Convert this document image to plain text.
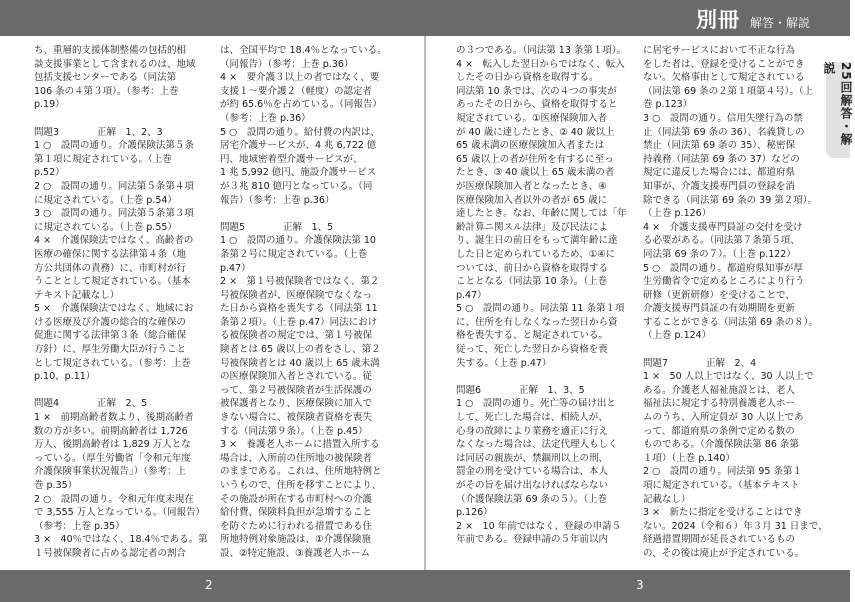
別冊 解答・解説
25回解答・解説

ち、重層的支援体制整備の包括的相

談支援事業として含まれるのは、地域

包括支援センターである（同法第

106 条の４第３項）。（参考：上巻

p.19）

問題3　　　　正解　1、2、3

1 ○　設問の通り。介護保険法第５条

第１項に規定されている。（上巻

p.52）

2 ○　設問の通り。同法第５条第４項

に規定されている。（上巻 p.54）

3 ○　設問の通り。同法第５条第３項

に規定されている。（上巻 p.55）

4 ×　介護保険法ではなく、高齢者の

医療の確保に関する法律第４条（地

方公共団体の責務）に、市町村が行

うこととして規定されている。（基本

テキスト記載なし）

5 ×　介護保険法ではなく、地域にお

ける医療及び介護の総合的な確保の

促進に関する法律第３条（総合確保

方針）に、厚生労働大臣が行うこと

として規定されている。（参考：上巻

p.10、p.11）

問題4　　　　正解　2、5

1 ×　前期高齢者数より、後期高齢者

数の方が多い。前期高齢者は 1,726

万人、後期高齢者は 1,829 万人とな

っている。（厚生労働省「令和元年度

介護保険事業状況報告」）（参考：上

巻 p.35）

2 ○　設問の通り。令和元年度末現在

で 3,555 万人となっている。（同報告）

（参考：上巻 p.35）

3 ×　40％ではなく、18.4％である。第

１号被保険者に占める認定者の割合

は、全国平均で 18.4％となっている。

（同報告）（参考：上巻 p.36）

4 ×　要介護３以上の者ではなく、要

支援１〜要介護２（軽度）の認定者

が約 65.6％を占めている。（同報告）

（参考：上巻 p.36）

5 ○　設問の通り。給付費の内訳は、

居宅介護サービスが、4 兆 6,722 億

円、地域密着型介護サービスが、

1 兆 5,992 億円、施設介護サービス

が３兆 810 億円となっている。（同

報告）（参考：上巻 p.36）

問題5　　　　正解　1、5

1 ○　設問の通り。介護保険法第 10

条第２号に規定されている。（上巻

p.47）

2 ×　第１号被保険者ではなく、第２

号被保険者が、医療保険でなくなっ

た日から資格を喪失する（同法第 11

条第２項）。（上巻 p.47）同法におけ

る被保険者の規定では、第１号被保

険者とは 65 歳以上の者をさし、第２

号被保険者とは 40 歳以上 65 歳未満

の医療保険加入者とされている。従

って、第２号被保険者が生活保護の

被保護者となり、医療保険に加入で

きない場合に、被保険者資格を喪失

する（同法第９条）。（上巻 p.45）

3 ×　養護老人ホームに措置入所する

場合は、入所前の住所地の被保険者

のままである。これは、住所地特例と

いうもので、住所を移すことにより、

その施設が所在する市町村への介護

給付費、保険料負担が急増すること

を防ぐために行われる措置である住

所地特例対象施設は、①介護保険施

設、②特定施設、③養護老人ホーム

の３つである。（同法第 13 条第１項）。

4 ×　転入した翌日からではなく、転入

したその日から資格を取得する。

同法第 10 条では、次の４つの事実が

あったその日から、資格を取得すると

規定されている。①医療保険加入者

が 40 歳に達したとき、② 40 歳以上

65 歳未満の医療保険加入者または

65 歳以上の者が住所を有するに至っ

たとき、③ 40 歳以上 65 歳未満の者

が医療保険加入者となったとき、④

医療保険加入者以外の者が 65 歳に

達したとき。なお、年齢に関しては「年

齢計算ニ関スル法律」及び民法によ

り、誕生日の前日をもって満年齢に達

した日と定められているため、①④に

ついては、前日から資格を取得する

こととなる（同法第 10 条）。（上巻

p.47）

5 ○　設問の通り。同法第 11 条第１項

に、住所を有しなくなった翌日から資

格を喪失する、と規定されている。

従って、死亡した翌日から資格を喪

失する。（上巻 p.47）

問題6　　　　正解　1、3、5

1 ○　設問の通り。死亡等の届け出と

して、死亡した場合は、相続人が、

心身の故障により業務を適正に行え

なくなった場合は、法定代理人もしく

は同居の親族が、禁錮刑以上の刑、

罰金の刑を受けている場合は、本人

がその旨を届け出なければならない

（介護保険法第 69 条の５）。（上巻

p.126）

2 ×　10 年前ではなく、登録の申請５

年前である。登録申請の５年前以内

に居宅サービスにおいて不正な行為

をした者は、登録を受けることができ

ない。欠格事由として規定されている

（同法第 69 条の２第１項第４号）。（上

巻 p.123）

3 ○　設問の通り。信用失墜行為の禁

止（同法第 69 条の 36）、名義貸しの

禁止（同法第 69 条の 35）、秘密保

持義務（同法第 69 条の 37）などの

規定に違反した場合には、都道府県

知事が、介護支援専門員の登録を消

除できる（同法第 69 条の 39 第２項）。

（上巻 p.126）

4 ×　介護支援専門員証の交付を受け

る必要がある。（同法第７条第５項、

同法第 69 条の７）。（上巻 p.122）

5 ○　設問の通り。都道府県知事が厚

生労働省令で定めるところにより行う

研修（更新研修）を受けることで、

介護支援専門員証の有効期間を更新

することができる（同法第 69 条の８）。

（上巻 p.124）

問題7　　　　正解　2、4

1 ×　50 人以上ではなく、30 人以上で

ある。介護老人福祉施設とは、老人

福祉法に規定する特別養護老人ホー

ムのうち、入所定員が 30 人以上であ

って、都道府県の条例で定める数の

ものである。（介護保険法第 86 条第

１項）（上巻 p.140）

2 ○　設問の通り。同法第 95 条第１

項に規定されている。（基本テキスト

記載なし）

3 ×　新たに指定を受けることはでき

ない。2024（令和６）年３月 31 日まで、

経過措置期間が延長されているもの

の、その後は廃止が予定されている。

2	3
